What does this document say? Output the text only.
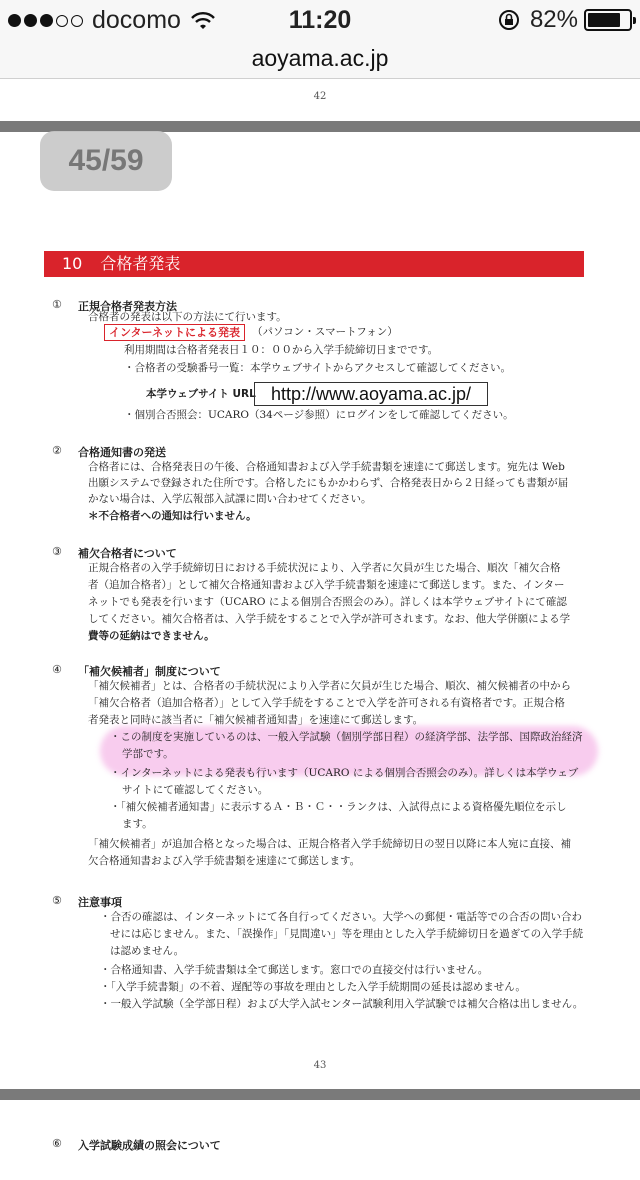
docomo	11:20	82%
aoyama.ac.jp
42
45/59
10 合格者発表
① 正規合格者発表方法
合格者の発表は以下の方法にて行います。
インターネットによる発表	（パソコン・スマートフォン）
利用期間は合格者発表日１０：００から入学手続締切日までです。
・合格者の受験番号一覧：本学ウェブサイトからアクセスして確認してください。
本学ウェブサイト URL http://www.aoyama.ac.jp/
・個別合否照会：UCARO（34ページ参照）にログインをして確認してください。
② 合格通知書の発送
合格者には、合格発表日の午後、合格通知書および入学手続書類を速達にて郵送します。宛先は Web
出願システムで登録された住所です。合格したにもかかわらず、合格発表日から２日経っても書類が届
かない場合は、入学広報部入試課に問い合わせてください。
＊不合格者への通知は行いません。
③ 補欠合格者について
正規合格者の入学手続締切日における手続状況により、入学者に欠員が生じた場合、順次「補欠合格
者（追加合格者）」として補欠合格通知書および入学手続書類を速達にて郵送します。また、インター
ネットでも発表を行います（UCARO による個別合否照会のみ）。詳しくは本学ウェブサイトにて確認
してください。補欠合格者は、入学手続をすることで入学が許可されます。なお、他大学併願による学
費等の延納はできません。
④ 「補欠候補者」制度について
「補欠候補者」とは、合格者の手続状況により入学者に欠員が生じた場合、順次、補欠候補者の中から
「補欠合格者（追加合格者）」として入学手続をすることで入学を許可される有資格者です。正規合格
者発表と同時に該当者に「補欠候補者通知書」を速達にて郵送します。
・この制度を実施しているのは、一般入学試験（個別学部日程）の経済学部、法学部、国際政治経済
学部です。
・インターネットによる発表も行います（UCARO による個別合否照会のみ）。詳しくは本学ウェブ
サイトにて確認してください。
・「補欠候補者通知書」に表示するＡ・Ｂ・Ｃ・・ランクは、入試得点による資格優先順位を示し
ます。
「補欠候補者」が追加合格となった場合は、正規合格者入学手続締切日の翌日以降に本人宛に直接、補
欠合格通知書および入学手続書類を速達にて郵送します。
⑤ 注意事項
・合否の確認は、インターネットにて各自行ってください。大学への郵便・電話等での合否の問い合わ
せには応じません。また、「誤操作」「見間違い」等を理由とした入学手続締切日を過ぎての入学手続
は認めません。
・合格通知書、入学手続書類は全て郵送します。窓口での直接交付は行いません。
・「入学手続書類」の不着、遅配等の事故を理由とした入学手続期間の延長は認めません。
・一般入学試験（全学部日程）および大学入試センター試験利用入学試験では補欠合格は出しません。
43
⑥ 入学試験成績の照会について
